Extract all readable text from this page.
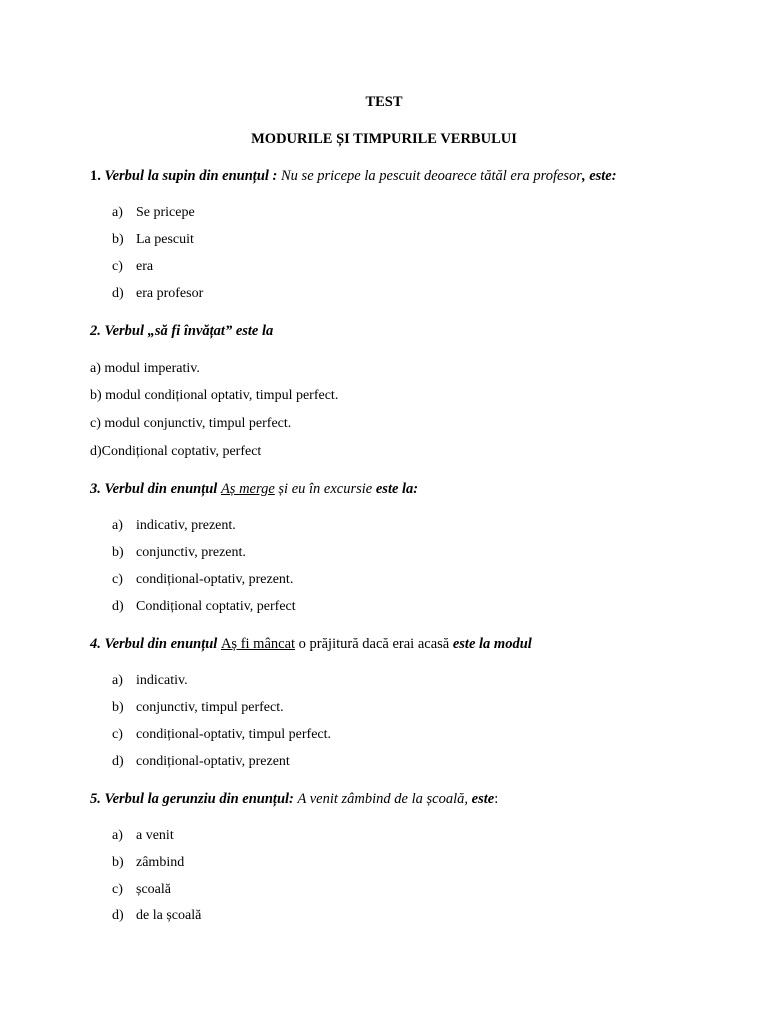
TEST
MODURILE ȘI TIMPURILE VERBULUI
1. Verbul la supin din enunțul : Nu se pricepe la pescuit deoarece tătăl era profesor, este:
a) Se pricepe
b) La pescuit
c) era
d) era profesor
2. Verbul „să fi învățat” este la
a) modul imperativ.
b) modul condițional optativ, timpul perfect.
c) modul conjunctiv, timpul perfect.
d)Condițional coptativ, perfect
3. Verbul din enunțul Aș merge și eu în excursie este la:
a) indicativ, prezent.
b) conjunctiv, prezent.
c) condițional-optativ, prezent.
d) Condițional coptativ, perfect
4. Verbul din enunțul Aș fi mâncat o prăjitură dacă erai acasă este la modul
a) indicativ.
b) conjunctiv, timpul perfect.
c) condițional-optativ, timpul perfect.
d) condițional-optativ, prezent
5. Verbul la gerunziu din enunțul: A venit zâmbind de la școală, este:
a) a venit
b) zâmbind
c) școală
d) de la școală
